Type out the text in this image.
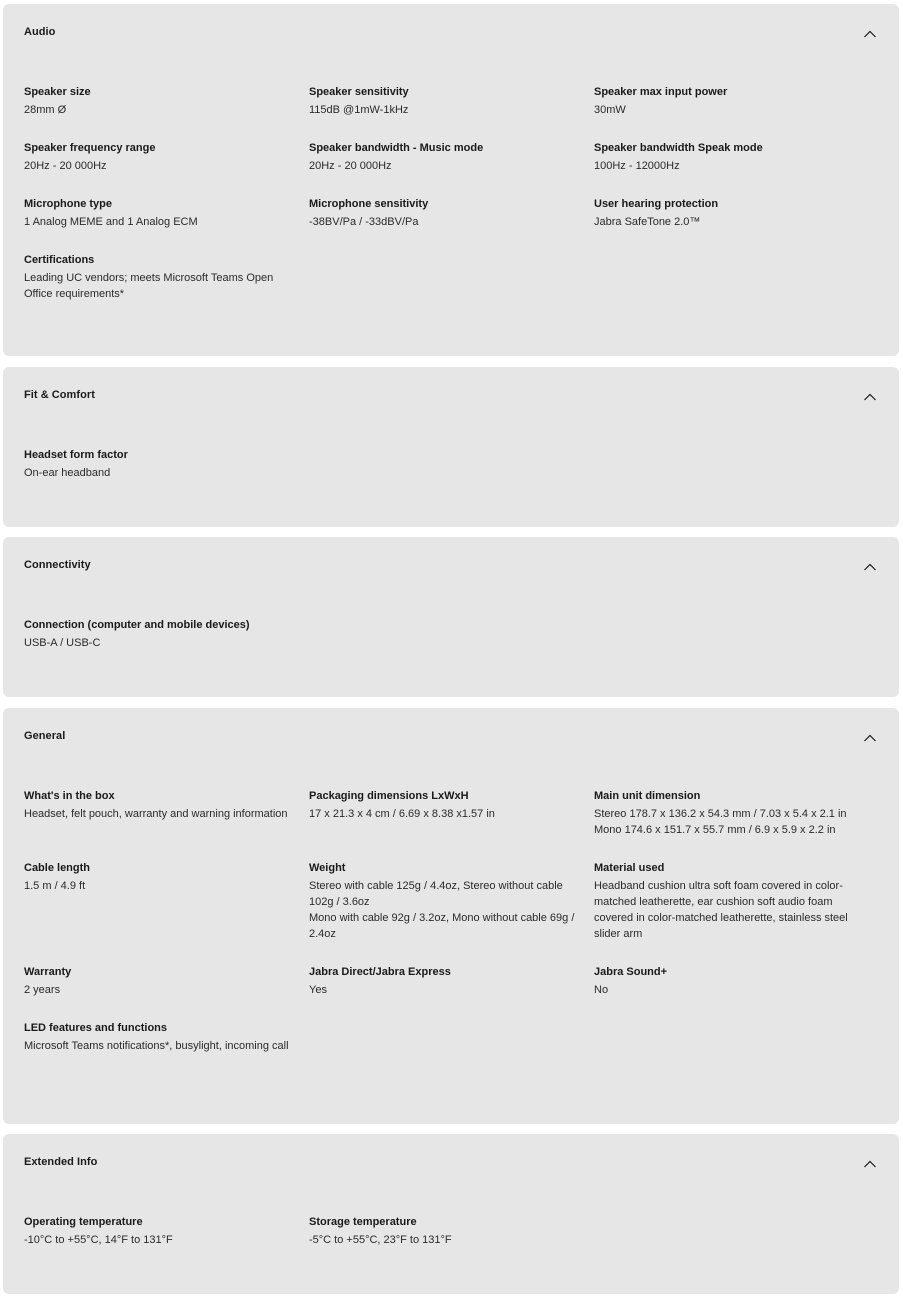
Audio
Speaker size
28mm Ø
Speaker sensitivity
115dB @1mW-1kHz
Speaker max input power
30mW
Speaker frequency range
20Hz - 20 000Hz
Speaker bandwidth - Music mode
20Hz - 20 000Hz
Speaker bandwidth Speak mode
100Hz - 12000Hz
Microphone type
1 Analog MEME and 1 Analog ECM
Microphone sensitivity
-38BV/Pa / -33dBV/Pa
User hearing protection
Jabra SafeTone 2.0™
Certifications
Leading UC vendors; meets Microsoft Teams Open Office requirements*
Fit & Comfort
Headset form factor
On-ear headband
Connectivity
Connection (computer and mobile devices)
USB-A / USB-C
General
What's in the box
Headset, felt pouch, warranty and warning information
Packaging dimensions LxWxH
17 x 21.3 x 4 cm / 6.69 x 8.38 x1.57 in
Main unit dimension
Stereo 178.7 x 136.2 x 54.3 mm / 7.03 x 5.4 x 2.1 in
Mono 174.6 x 151.7 x 55.7 mm / 6.9 x 5.9 x 2.2 in
Cable length
1.5 m / 4.9 ft
Weight
Stereo with cable 125g / 4.4oz, Stereo without cable 102g / 3.6oz
Mono with cable 92g / 3.2oz, Mono without cable 69g / 2.4oz
Material used
Headband cushion ultra soft foam covered in color-matched leatherette, ear cushion soft audio foam covered in color-matched leatherette, stainless steel slider arm
Warranty
2 years
Jabra Direct/Jabra Express
Yes
Jabra Sound+
No
LED features and functions
Microsoft Teams notifications*, busylight, incoming call
Extended Info
Operating temperature
-10°C to +55°C, 14°F to 131°F
Storage temperature
-5°C to +55°C, 23°F to 131°F
